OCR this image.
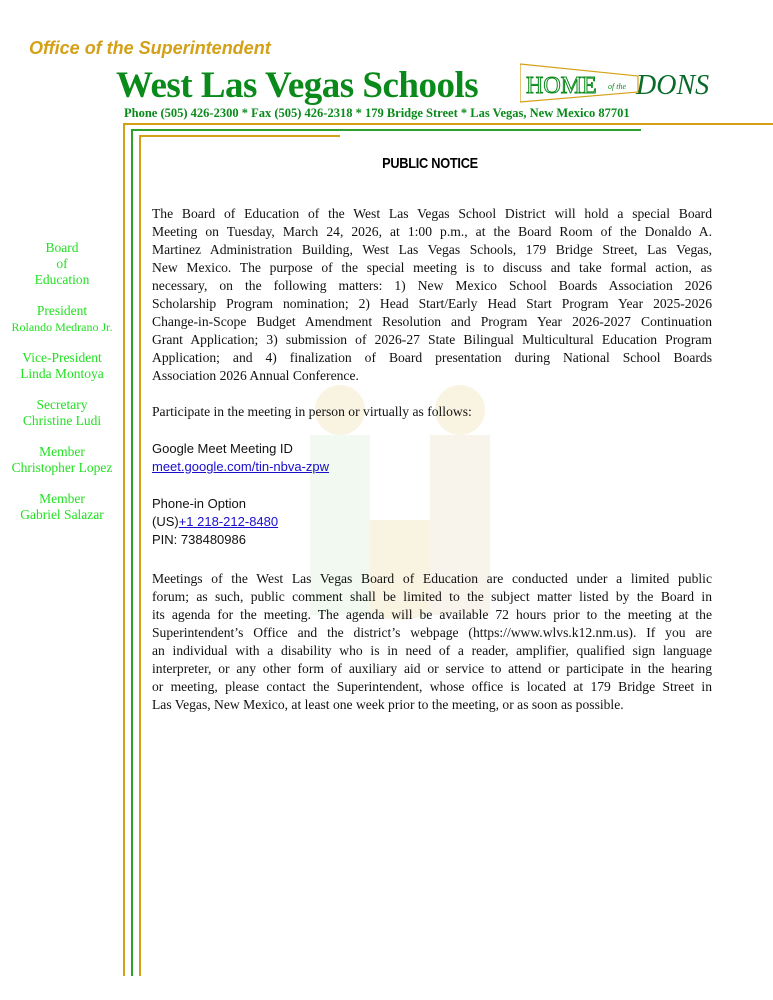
Office of the Superintendent
West Las Vegas Schools HOME of the DONS
Phone (505) 426-2300 * Fax (505) 426-2318 * 179 Bridge Street * Las Vegas, New Mexico 87701
Board
of
Education
President
Rolando Medrano Jr.
Vice-President
Linda Montoya
Secretary
Christine Ludi
Member
Christopher Lopez
Member
Gabriel Salazar
PUBLIC NOTICE
The Board of Education of the West Las Vegas School District will hold a special Board
Meeting on Tuesday, March 24, 2026, at 1:00 p.m., at the Board Room of the Donaldo A.
Martinez Administration Building, West Las Vegas Schools, 179 Bridge Street, Las Vegas,
New Mexico. The purpose of the special meeting is to discuss and take formal action, as
necessary, on the following matters: 1) New Mexico School Boards Association 2026
Scholarship Program nomination; 2) Head Start/Early Head Start Program Year 2025-2026
Change-in-Scope Budget Amendment Resolution and Program Year 2026-2027 Continuation
Grant Application; 3) submission of 2026-27 State Bilingual Multicultural Education Program
Application; and 4) finalization of Board presentation during National School Boards
Association 2026 Annual Conference.
Participate in the meeting in person or virtually as follows:
Google Meet Meeting ID
meet.google.com/tin-nbva-zpw
Phone-in Option
(US)+1 218-212-8480
PIN: 738480986
Meetings of the West Las Vegas Board of Education are conducted under a limited public
forum; as such, public comment shall be limited to the subject matter listed by the Board in
its agenda for the meeting. The agenda will be available 72 hours prior to the meeting at the
Superintendent’s Office and the district’s webpage (https://www.wlvs.k12.nm.us). If you are
an individual with a disability who is in need of a reader, amplifier, qualified sign language
interpreter, or any other form of auxiliary aid or service to attend or participate in the hearing
or meeting, please contact the Superintendent, whose office is located at 179 Bridge Street in
Las Vegas, New Mexico, at least one week prior to the meeting, or as soon as possible.
